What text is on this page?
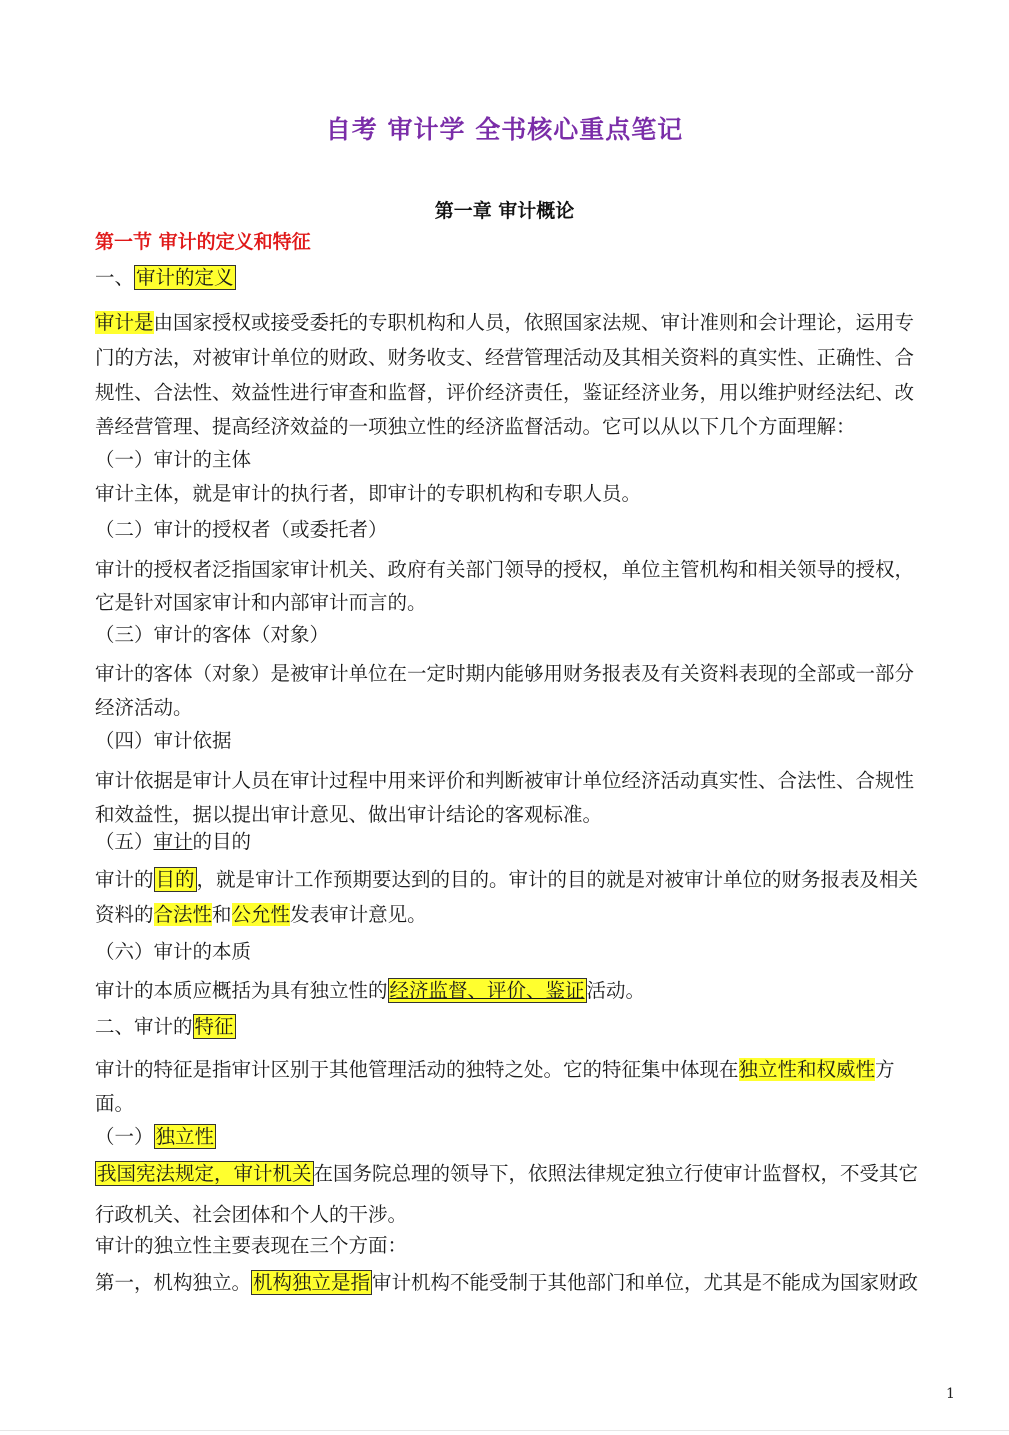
自考 审计学 全书核心重点笔记
第一章 审计概论
第一节 审计的定义和特征
一、 审计的定义
审计是由国家授权或接受委托的专职机构和人员，依照国家法规、审计准则和会计理论，运用专
门的方法，对被审计单位的财政、财务收支、经营管理活动及其相关资料的真实性、正确性、合
规性、合法性、效益性进行审查和监督，评价经济责任，鉴证经济业务，用以维护财经法纪、改
善经营管理、提高经济效益的一项独立性的经济监督活动。它可以从以下几个方面理解：
（一）审计的主体
审计主体，就是审计的执行者，即审计的专职机构和专职人员。
（二）审计的授权者（或委托者）
审计的授权者泛指国家审计机关、政府有关部门领导的授权，单位主管机构和相关领导的授权，
它是针对国家审计和内部审计而言的。
（三）审计的客体（对象）
审计的客体（对象）是被审计单位在一定时期内能够用财务报表及有关资料表现的全部或一部分
经济活动。
（四）审计依据
审计依据是审计人员在审计过程中用来评价和判断被审计单位经济活动真实性、合法性、合规性
和效益性，据以提出审计意见、做出审计结论的客观标准。
（五）审计的目的
审计的 目的 ，就是审计工作预期要达到的目的。审计的目的就是对被审计单位的财务报表及相关
资料的合法性和公允性发表审计意见。
（六）审计的本质
审计的本质应概括为具有独立性的 经济监督、评价、鉴证 活动。
二、审计的 特征
审计的特征是指审计区别于其他管理活动的独特之处。它的特征集中体现在独立性和权威性方
面。
（一） 独立性
我国宪法规定，审计机关 在国务院总理的领导下，依照法律规定独立行使审计监督权，不受其它
行政机关、社会团体和个人的干涉。
审计的独立性主要表现在三个方面：
第一，机构独立。 机构独立是指 审计机构不能受制于其他部门和单位，尤其是不能成为国家财政
1
